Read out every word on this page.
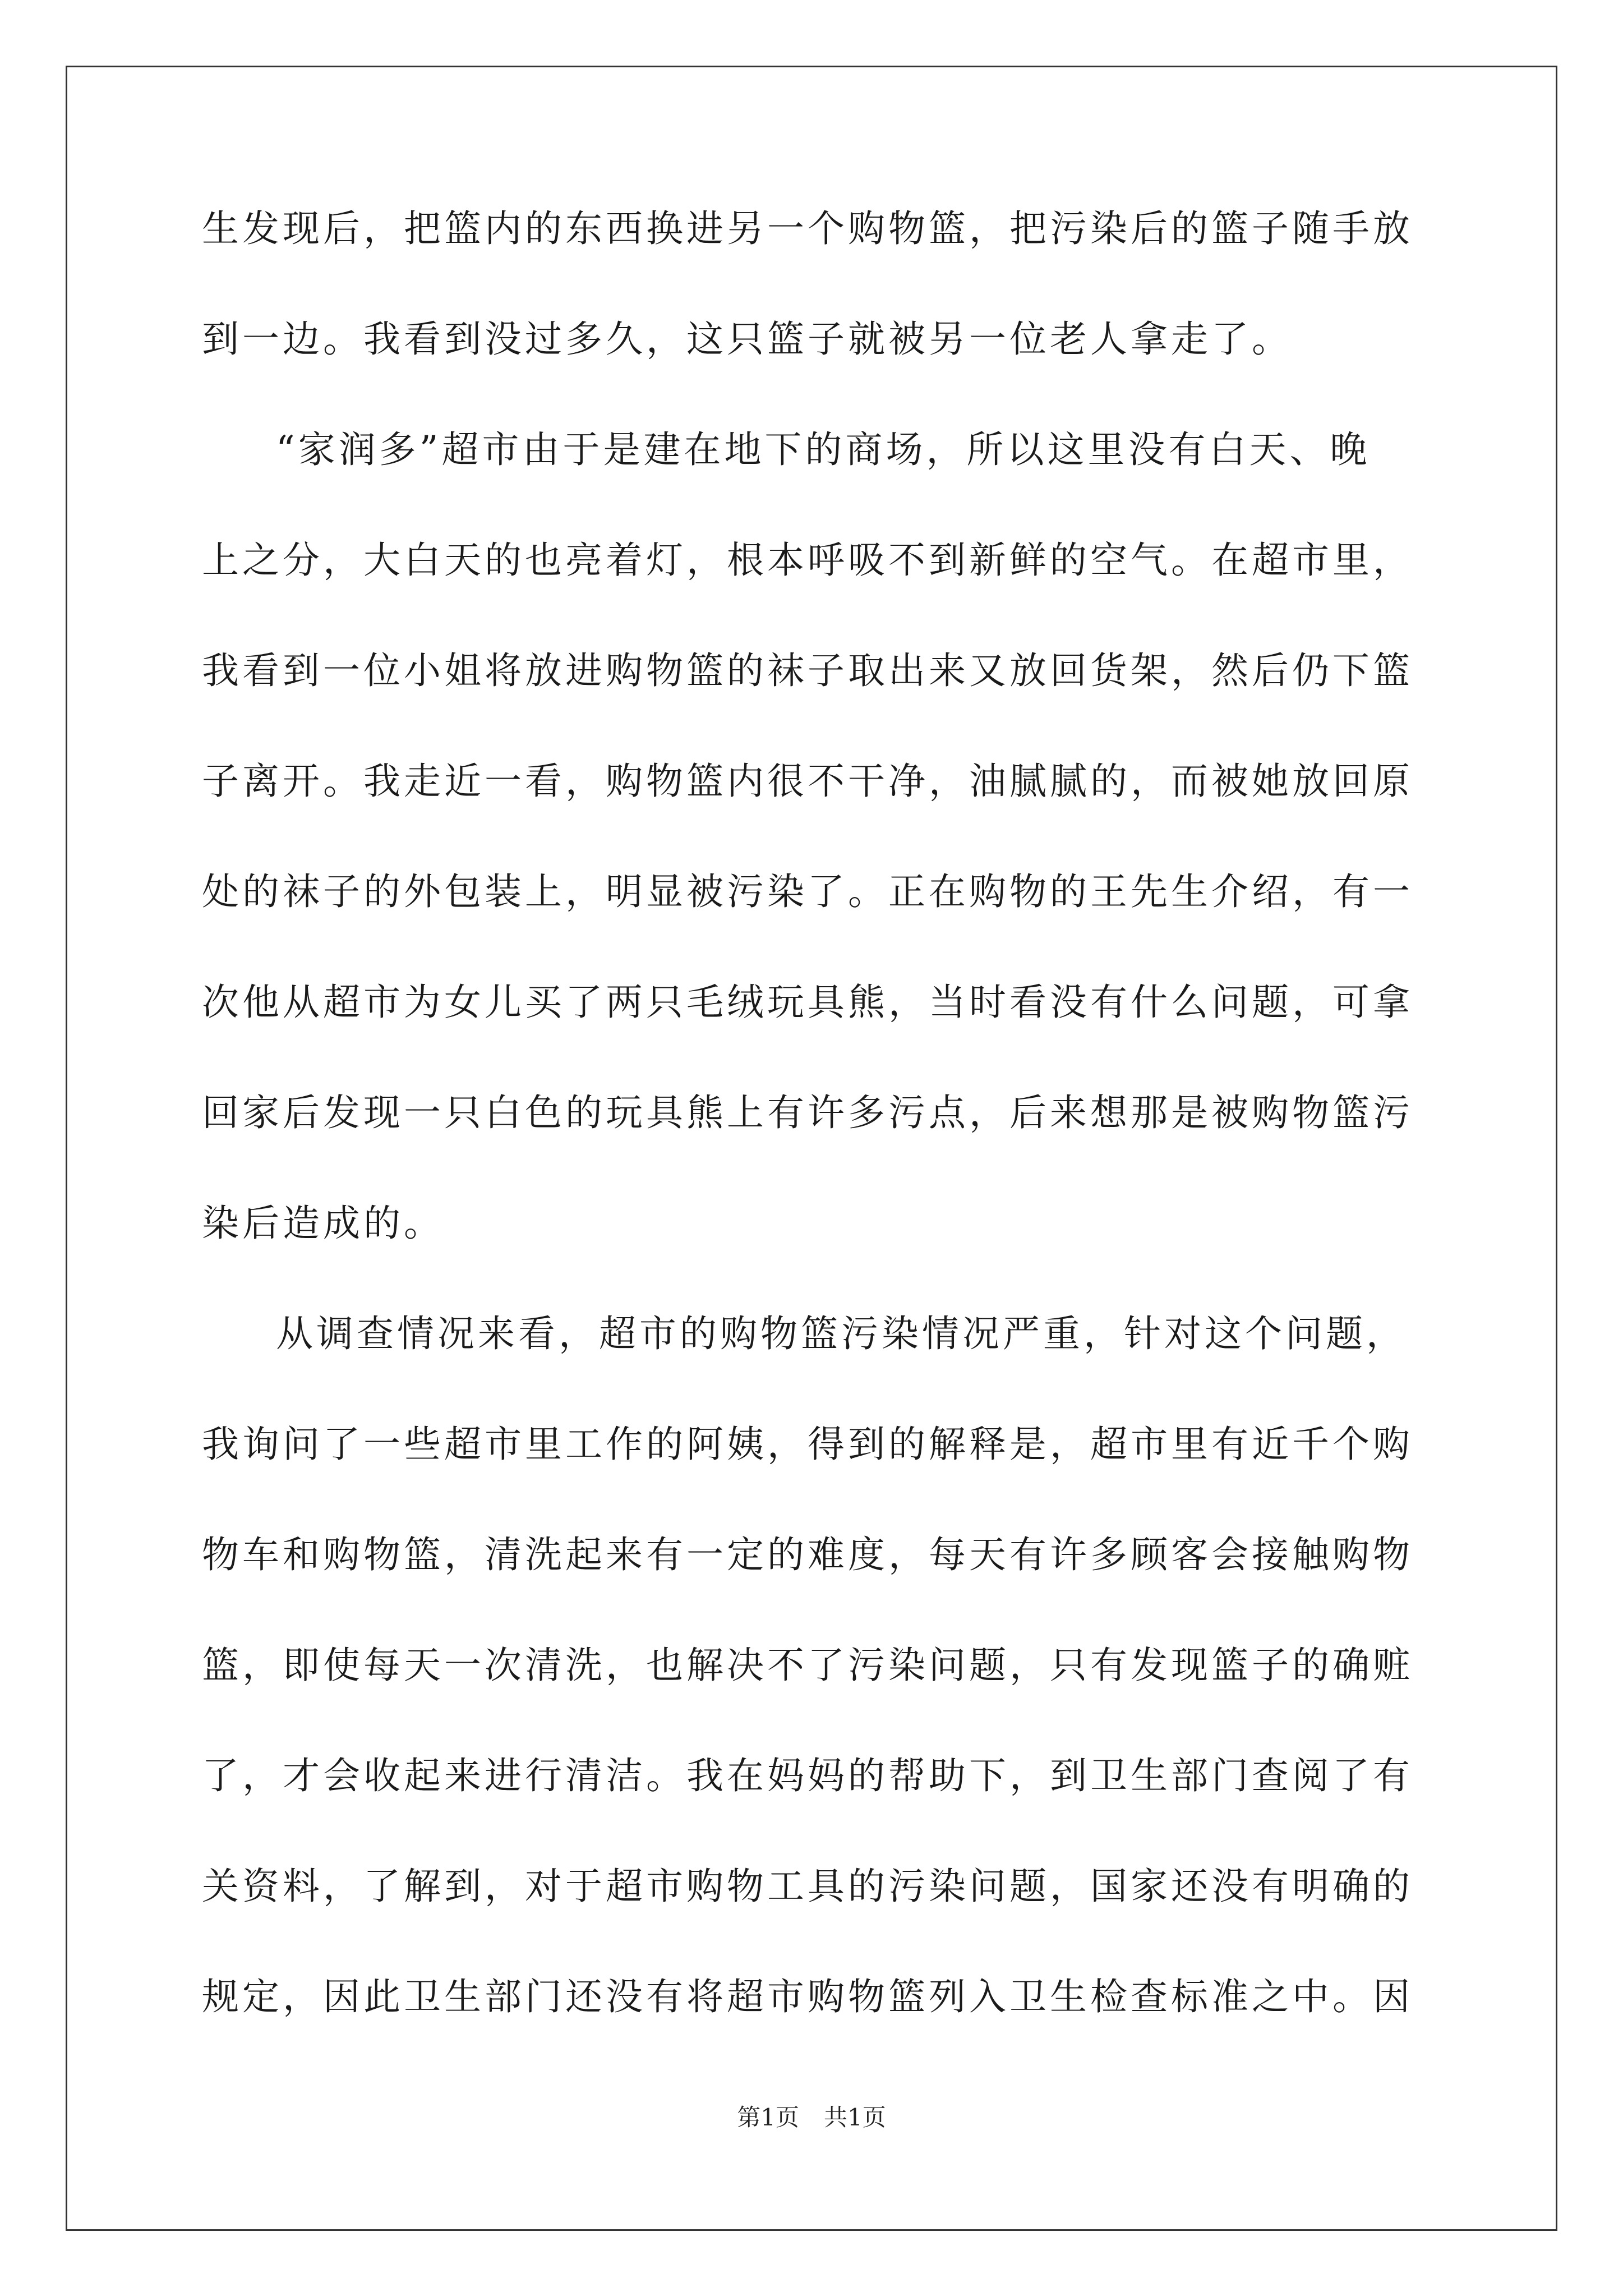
生发现后，把篮内的东西换进另一个购物篮，把污染后的篮子随手放
到一边。我看到没过多久，这只篮子就被另一位老人拿走了。
“家润多”超市由于是建在地下的商场，所以这里没有白天、晚
上之分，大白天的也亮着灯，根本呼吸不到新鲜的空气。在超市里，
我看到一位小姐将放进购物篮的袜子取出来又放回货架，然后仍下篮
子离开。我走近一看，购物篮内很不干净，油腻腻的，而被她放回原
处的袜子的外包装上，明显被污染了。正在购物的王先生介绍，有一
次他从超市为女儿买了两只毛绒玩具熊，当时看没有什么问题，可拿
回家后发现一只白色的玩具熊上有许多污点，后来想那是被购物篮污
染后造成的。
从调查情况来看，超市的购物篮污染情况严重，针对这个问题，
我询问了一些超市里工作的阿姨，得到的解释是，超市里有近千个购
物车和购物篮，清洗起来有一定的难度，每天有许多顾客会接触购物
篮，即使每天一次清洗，也解决不了污染问题，只有发现篮子的确赃
了，才会收起来进行清洁。我在妈妈的帮助下，到卫生部门查阅了有
关资料，了解到，对于超市购物工具的污染问题，国家还没有明确的
规定，因此卫生部门还没有将超市购物篮列入卫生检查标准之中。因
第1页 共1页
